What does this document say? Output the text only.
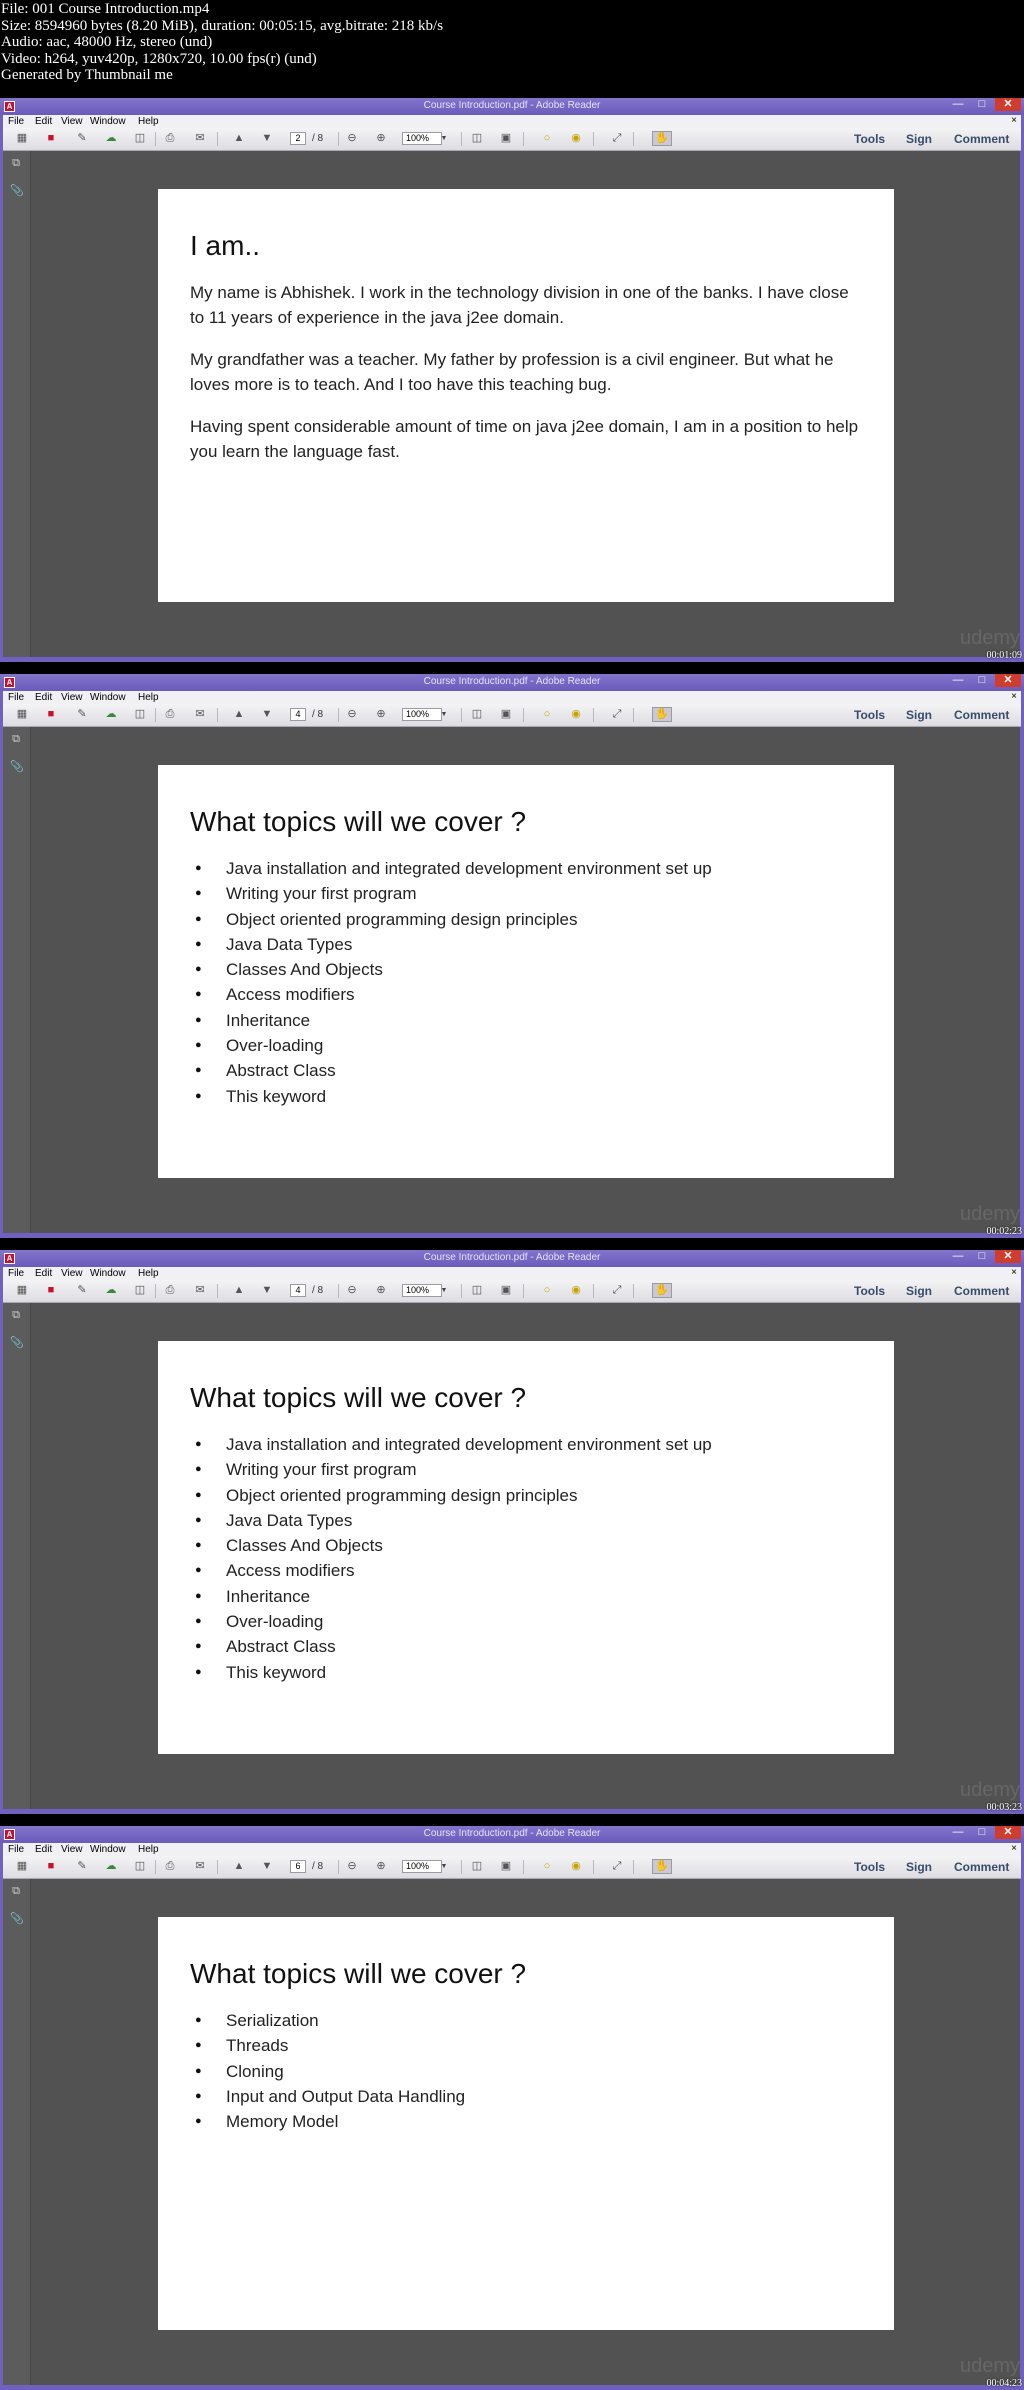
File: 001 Course Introduction.mp4
Size: 8594960 bytes (8.20 MiB), duration: 00:05:15, avg.bitrate: 218 kb/s
Audio: aac, 48000 Hz, stereo (und)
Video: h264, yuv420p, 1280x720, 10.00 fps(r) (und)
Generated by Thumbnail me
A	Course Introduction.pdf - Adobe Reader	—	□	✕
File Edit View Window Help	×
▦	■	✎	☁ ◫	⎙	✉	▲ ▼	2	/ 8	⊖	⊕	100%	▼ ◫ ▣	○	◉	⤢	✋	Tools Sign Comment
⧉
📎
I am..

My name is Abhishek. I work in the technology division in one of the banks. I have close to 11 years of experience in the java j2ee domain.

My grandfather was a teacher. My father by profession is a civil engineer. But what he loves more is to teach. And I too have this teaching bug.

Having spent considerable amount of time on java j2ee domain, I am in a position to help you learn the language fast.

udemy
00:01:09
A	Course Introduction.pdf - Adobe Reader	—	□	✕
File Edit View Window Help	×
▦	■	✎	☁ ◫	⎙	✉	▲ ▼	4	/ 8	⊖	⊕	100%	▼ ◫ ▣	○	◉	⤢	✋	Tools Sign Comment
⧉
📎
What topics will we cover ?
● Java installation and integrated development environment set up
● Writing your first program
● Object oriented programming design principles
● Java Data Types
● Classes And Objects
● Access modifiers
● Inheritance
● Over-loading
● Abstract Class
● This keyword
udemy
00:02:23
A	Course Introduction.pdf - Adobe Reader	—	□	✕
File Edit View Window Help	×
▦	■	✎	☁ ◫	⎙	✉	▲ ▼	4	/ 8	⊖	⊕	100%	▼ ◫ ▣	○	◉	⤢	✋	Tools Sign Comment
⧉
📎
What topics will we cover ?
● Java installation and integrated development environment set up
● Writing your first program
● Object oriented programming design principles
● Java Data Types
● Classes And Objects
● Access modifiers
● Inheritance
● Over-loading
● Abstract Class
● This keyword
udemy
00:03:23
A	Course Introduction.pdf - Adobe Reader	—	□	✕
File Edit View Window Help	×
▦	■	✎	☁ ◫	⎙	✉	▲ ▼	6	/ 8	⊖	⊕	100%	▼ ◫ ▣	○	◉	⤢	✋	Tools Sign Comment
⧉
📎
What topics will we cover ?
● Serialization
● Threads
● Cloning
● Input and Output Data Handling
● Memory Model
udemy
00:04:23
